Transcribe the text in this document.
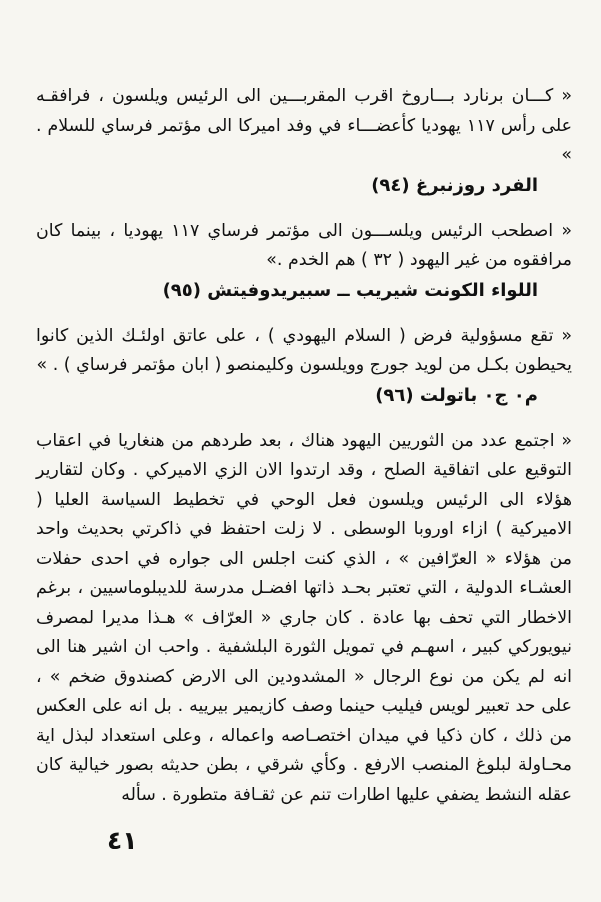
« كـــان برنارد بـــاروخ اقرب المقربـــين الى الرئيس ويلسون ، فرافقـه على رأس ١١٧ يهوديا كأعضـــاء في وفد اميركا الى مؤتمر فرساي للسلام . »

الفرد روزنبرغ (٩٤)

« اصطحب الرئيس ويلســـون الى مؤتمر فرساي ١١٧ يهوديا ، بينما كان مرافقوه من غير اليهود ( ٣٢ ) هم الخدم .»

اللواء الكونت شيريب ــ سبيريدوفيتش (٩٥)

« تقع مسؤولية فرض ( السلام اليهودي ) ، على عاتق اولئـك الذين كانوا يحيطون بكـل من لويد جورج وويلسون وكليمنصو ( ابان مؤتمر فرساي ) . »

م٠ ج٠ باتولت (٩٦)

« اجتمع عدد من الثوريين اليهود هناك ، بعد طردهم من هنغاريا في اعقاب التوقيع على اتفاقية الصلح ، وقد ارتدوا الان الزي الاميركي . وكان لتقارير هؤلاء الى الرئيس ويلسون فعل الوحي في تخطيط السياسة العليا ( الاميركية ) ازاء اوروبا الوسطى . لا زلت احتفظ في ذاكرتي بحديث واحد من هؤلاء « العرّافين » ، الذي كنت اجلس الى جواره في احدى حفلات العشـاء الدولية ، التي تعتبر بحـد ذاتها افضـل مدرسة للديبلوماسيين ، برغم الاخطار التي تحف بها عادة . كان جاري « العرّاف » هـذا مديرا لمصرف نيويوركي كبير ، اسهـم في تمويل الثورة البلشفية . واحب ان اشير هنا الى انه لم يكن من نوع الرجال « المشدودين الى الارض كصندوق ضخم » ، على حد تعبير لويس فيليب حينما وصف كازيمير بيرييه . بل انه على العكس من ذلك ، كان ذكيا في ميدان اختصـاصه واعماله ، وعلى استعداد لبذل اية محـاولة لبلوغ المنصب الارفع . وكأي شرقي ، بطن حديثه بصور خيالية كان عقله النشط يضفي عليها اطارات تنم عن ثقـافة متطورة . سأله

٤١
